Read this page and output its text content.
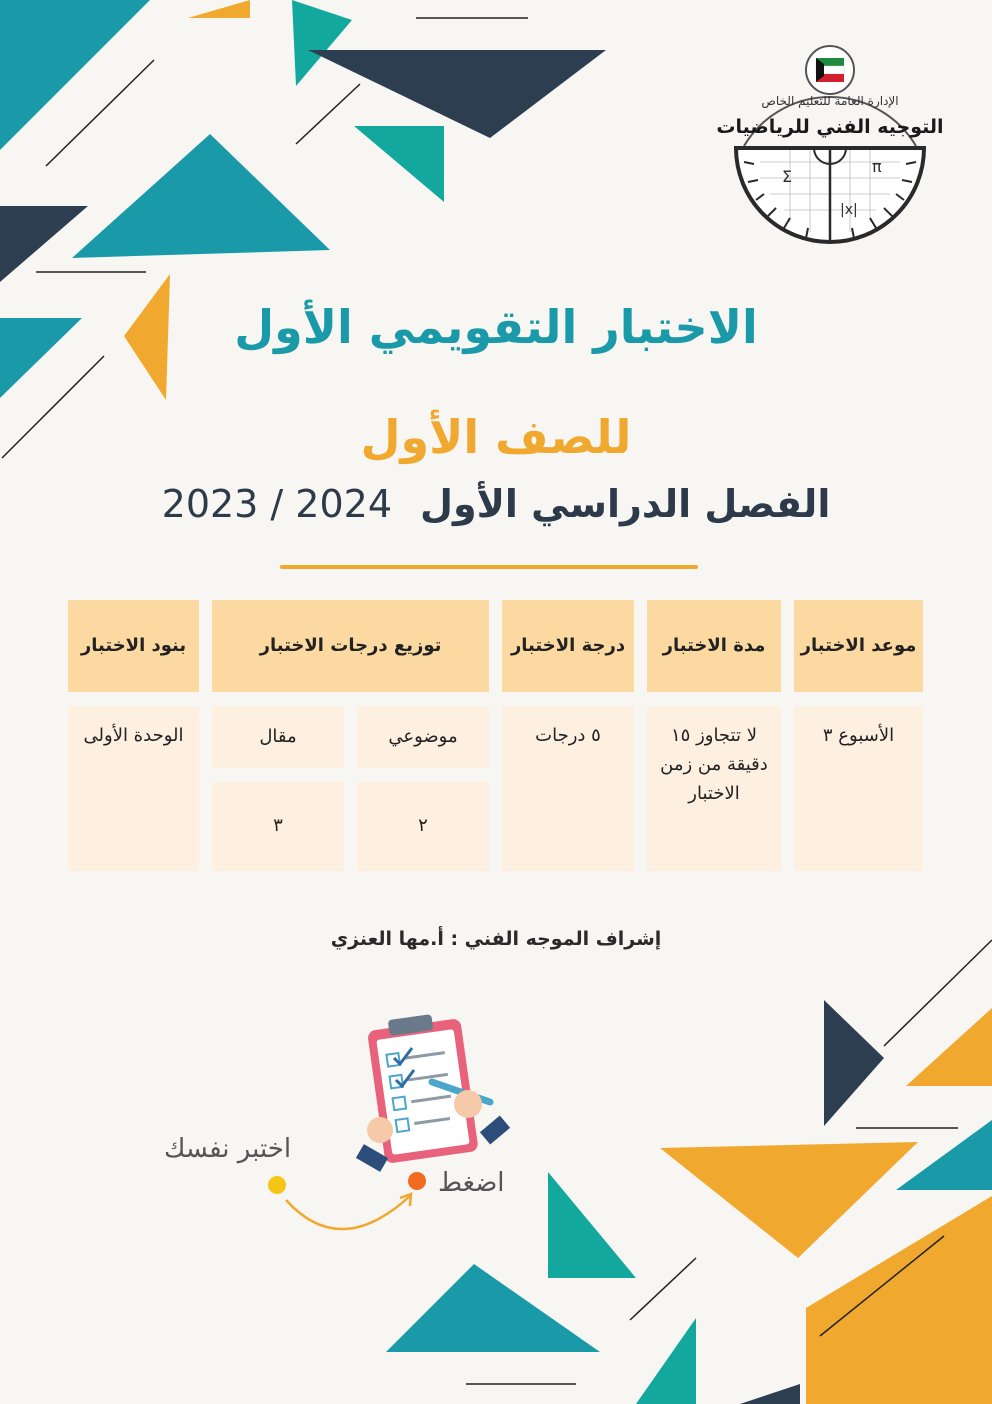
Σ
π
|x|
الإدارة العامة للتعليم الخاص
التوجيه الفني للرياضيات
الاختبار التقويمي الأول
للصف الأول
الفصل الدراسي الأول2023 / 2024
موعد الاختبار
مدة الاختبار
درجة الاختبار
توزيع درجات الاختبار
بنود الاختبار
الأسبوع ٣
لا تتجاوز ١٥ دقيقة من زمن الاختبار
٥ درجات
موضوعي
مقال
٢
٣
الوحدة الأولى
إشراف الموجه الفني : أ.مها العنزي
اختبر نفسك
اضغط
